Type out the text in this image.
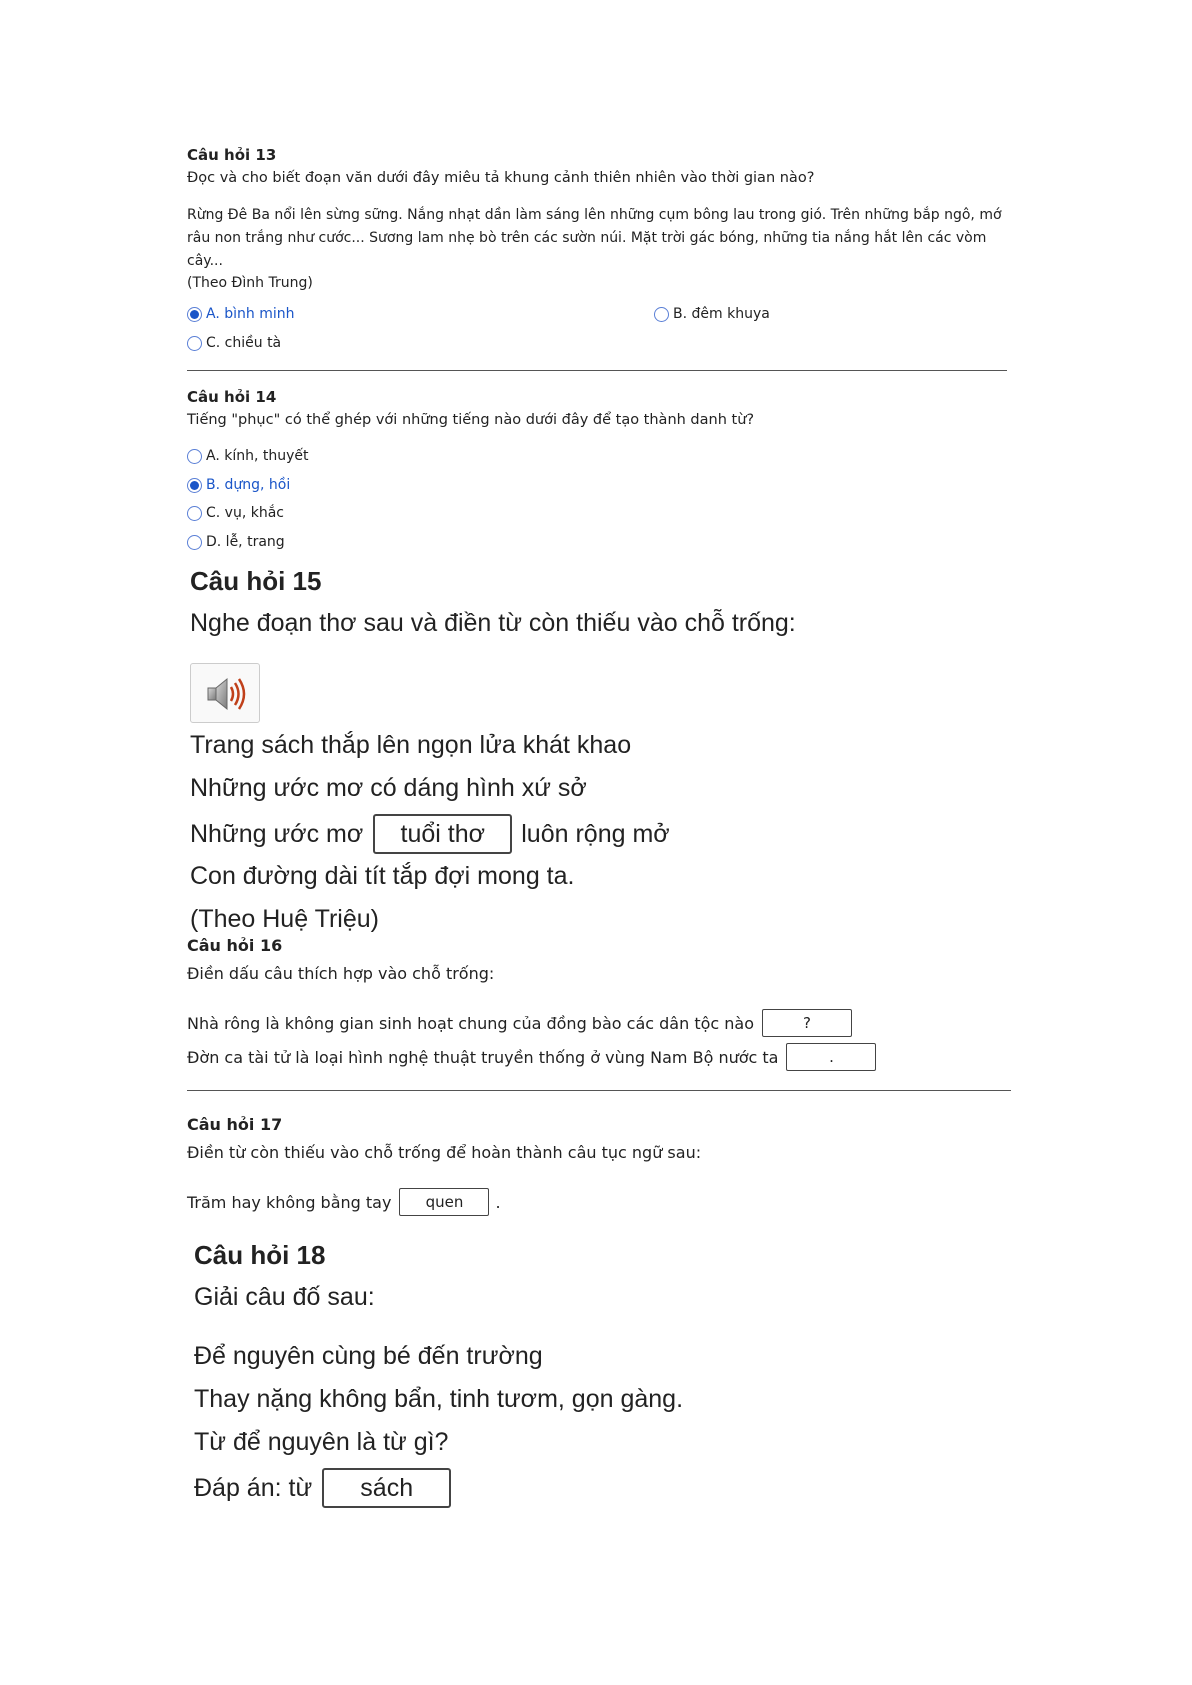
Câu hỏi 13
Đọc và cho biết đoạn văn dưới đây miêu tả khung cảnh thiên nhiên vào thời gian nào?
Rừng Đê Ba nổi lên sừng sững. Nắng nhạt dần làm sáng lên những cụm bông lau trong gió. Trên những bắp ngô, mớ râu non trắng như cước... Sương lam nhẹ bò trên các sườn núi. Mặt trời gác bóng, những tia nắng hắt lên các vòm cây...
(Theo Đình Trung)
A. bình minh	B. đêm khuya
C. chiều tà
Câu hỏi 14
Tiếng "phục" có thể ghép với những tiếng nào dưới đây để tạo thành danh từ?
A. kính, thuyết
B. dựng, hồi
C. vụ, khắc
D. lễ, trang
Câu hỏi 15
Nghe đoạn thơ sau và điền từ còn thiếu vào chỗ trống:
Trang sách thắp lên ngọn lửa khát khao
Những ước mơ có dáng hình xứ sở
Những ước mơ	tuổi thơ	luôn rộng mở
Con đường dài tít tắp đợi mong ta.
(Theo Huệ Triệu)
Câu hỏi 16
Điền dấu câu thích hợp vào chỗ trống:
Nhà rông là không gian sinh hoạt chung của đồng bào các dân tộc nào	?
Đờn ca tài tử là loại hình nghệ thuật truyền thống ở vùng Nam Bộ nước ta	.
Câu hỏi 17
Điền từ còn thiếu vào chỗ trống để hoàn thành câu tục ngữ sau:
Trăm hay không bằng tay	quen	.
Câu hỏi 18
Giải câu đố sau:
Để nguyên cùng bé đến trường
Thay nặng không bẩn, tinh tươm, gọn gàng.
Từ để nguyên là từ gì?
Đáp án: từ	sách
